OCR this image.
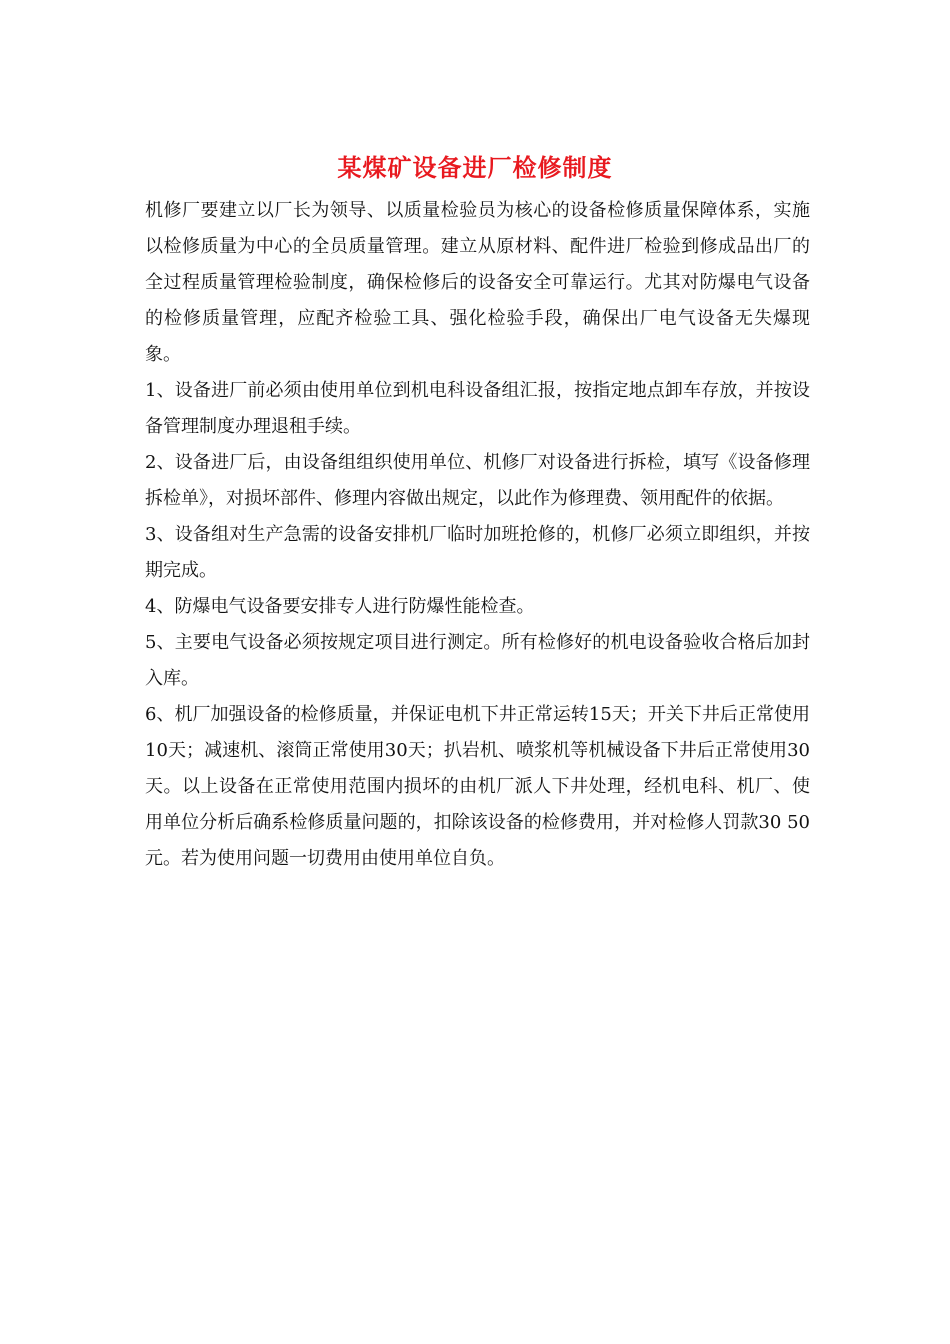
某煤矿设备进厂检修制度

机修厂要建立以厂长为领导、以质量检验员为核心的设备检修质量保障体系，实施以检修质量为中心的全员质量管理。建立从原材料、配件进厂检验到修成品出厂的全过程质量管理检验制度，确保检修后的设备安全可靠运行。尤其对防爆电气设备的检修质量管理，应配齐检验工具、强化检验手段，确保出厂电气设备无失爆现象。

1、设备进厂前必须由使用单位到机电科设备组汇报，按指定地点卸车存放，并按设备管理制度办理退租手续。

2、设备进厂后，由设备组组织使用单位、机修厂对设备进行拆检，填写《设备修理拆检单》，对损坏部件、修理内容做出规定，以此作为修理费、领用配件的依据。

3、设备组对生产急需的设备安排机厂临时加班抢修的，机修厂必须立即组织，并按期完成。

4、防爆电气设备要安排专人进行防爆性能检查。

5、主要电气设备必须按规定项目进行测定。所有检修好的机电设备验收合格后加封入库。

6、机厂加强设备的检修质量，并保证电机下井正常运转15天；开关下井后正常使用10天；减速机、滚筒正常使用30天；扒岩机、喷浆机等机械设备下井后正常使用30天。以上设备在正常使用范围内损坏的由机厂派人下井处理，经机电科、机厂、使用单位分析后确系检修质量问题的，扣除该设备的检修费用，并对检修人罚款30 50元。若为使用问题一切费用由使用单位自负。
